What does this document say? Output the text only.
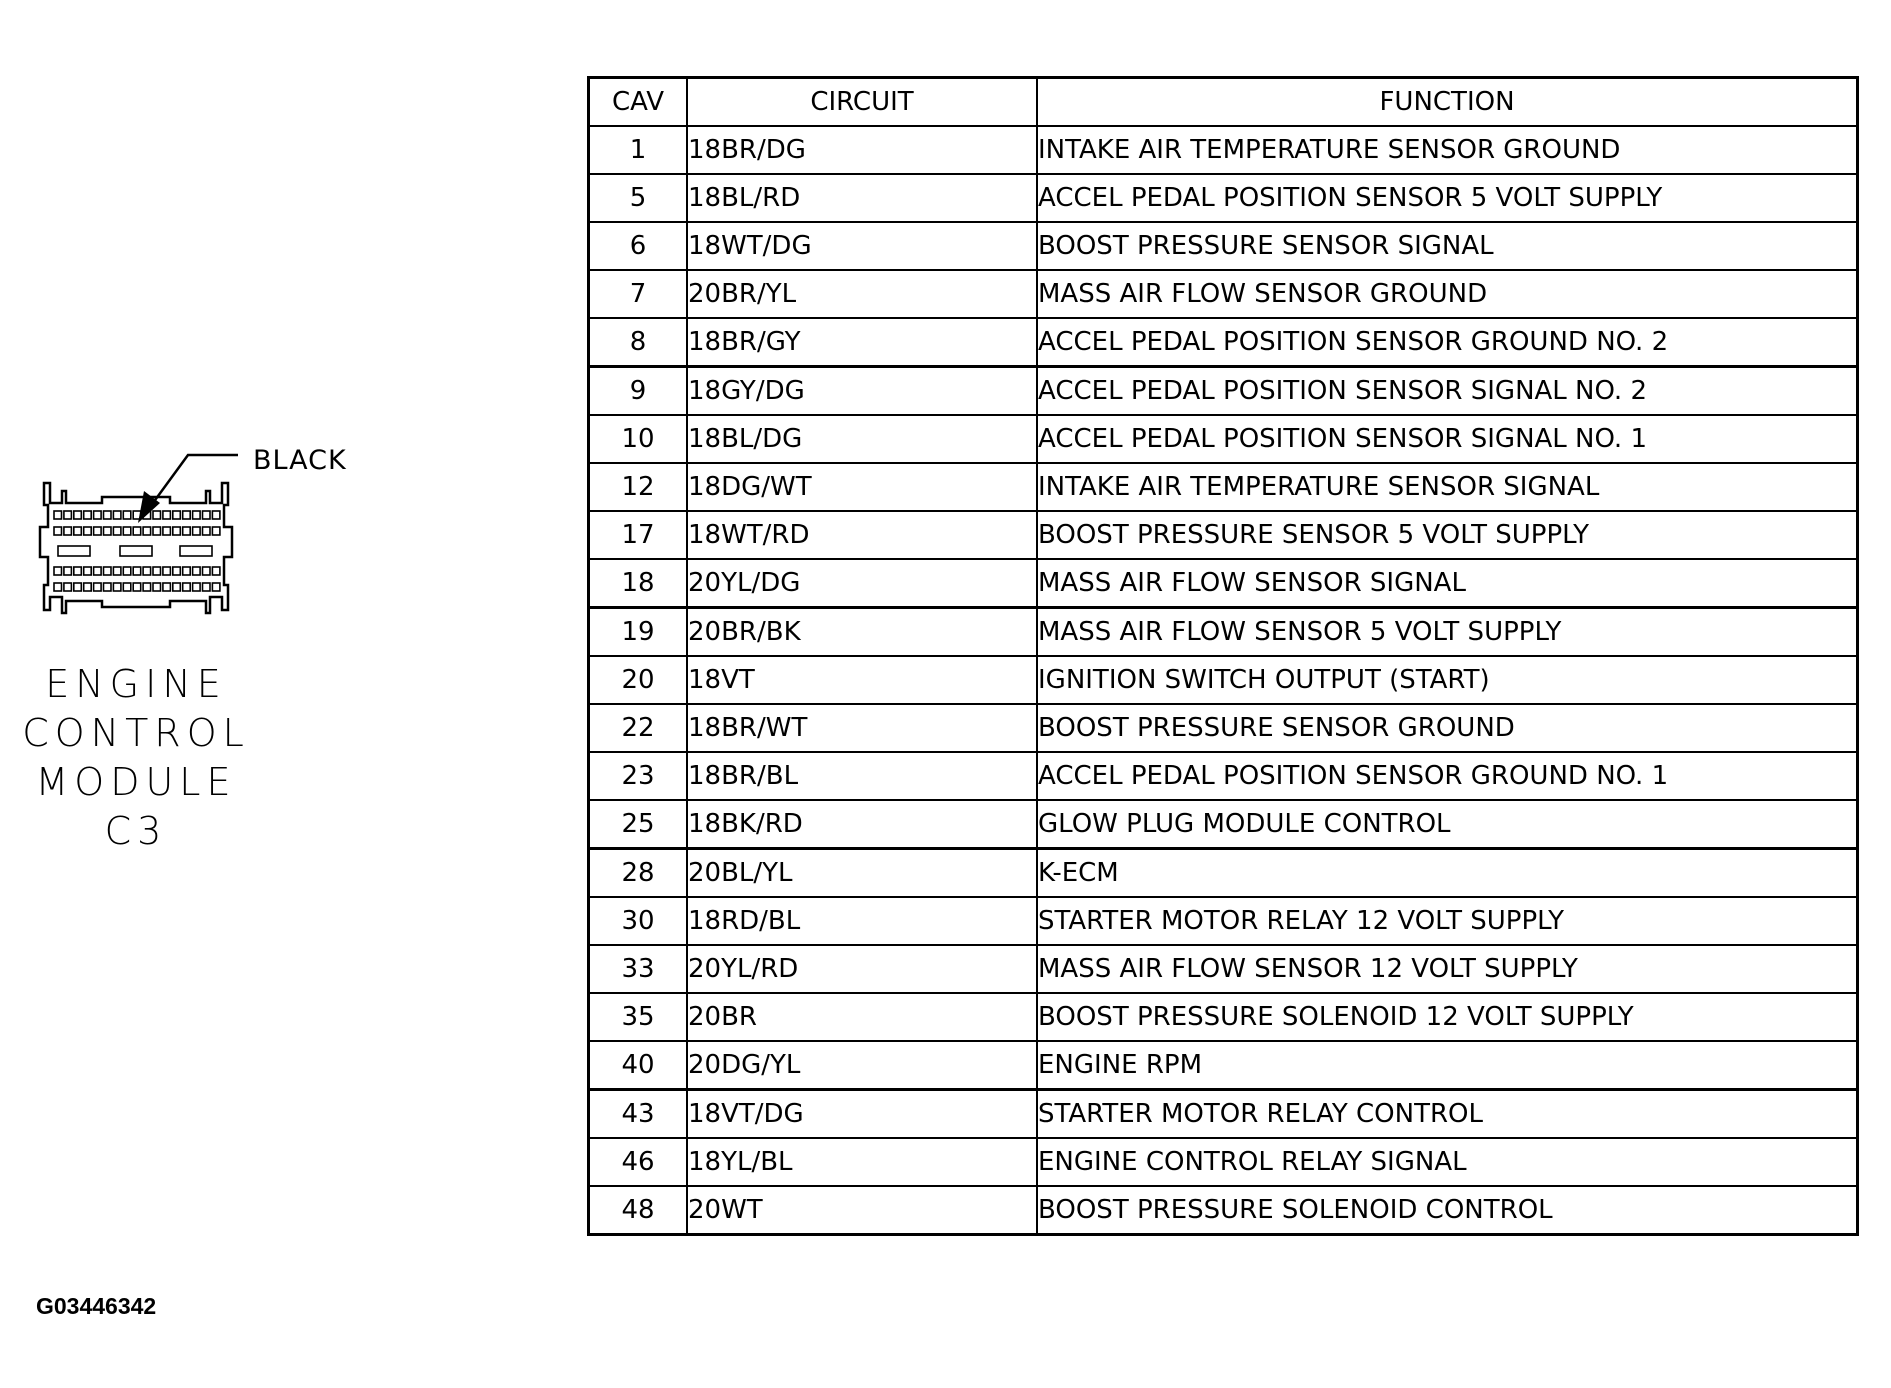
BLACK
ENGINE
CONTROL
MODULE
C3
CAV	CIRCUIT	FUNCTION
1	18BR/DG	INTAKE AIR TEMPERATURE SENSOR GROUND
5	18BL/RD	ACCEL PEDAL POSITION SENSOR 5 VOLT SUPPLY
6	18WT/DG	BOOST PRESSURE SENSOR SIGNAL
7	20BR/YL	MASS AIR FLOW SENSOR GROUND
8	18BR/GY	ACCEL PEDAL POSITION SENSOR GROUND NO. 2
9	18GY/DG	ACCEL PEDAL POSITION SENSOR SIGNAL NO. 2
10	18BL/DG	ACCEL PEDAL POSITION SENSOR SIGNAL NO. 1
12	18DG/WT	INTAKE AIR TEMPERATURE SENSOR SIGNAL
17	18WT/RD	BOOST PRESSURE SENSOR 5 VOLT SUPPLY
18	20YL/DG	MASS AIR FLOW SENSOR SIGNAL
19	20BR/BK	MASS AIR FLOW SENSOR 5 VOLT SUPPLY
20	18VT	IGNITION SWITCH OUTPUT (START)
22	18BR/WT	BOOST PRESSURE SENSOR GROUND
23	18BR/BL	ACCEL PEDAL POSITION SENSOR GROUND NO. 1
25	18BK/RD	GLOW PLUG MODULE CONTROL
28	20BL/YL	K-ECM
30	18RD/BL	STARTER MOTOR RELAY 12 VOLT SUPPLY
33	20YL/RD	MASS AIR FLOW SENSOR 12 VOLT SUPPLY
35	20BR	BOOST PRESSURE SOLENOID 12 VOLT SUPPLY
40	20DG/YL	ENGINE RPM
43	18VT/DG	STARTER MOTOR RELAY CONTROL
46	18YL/BL	ENGINE CONTROL RELAY SIGNAL
48	20WT	BOOST PRESSURE SOLENOID CONTROL
G03446342
